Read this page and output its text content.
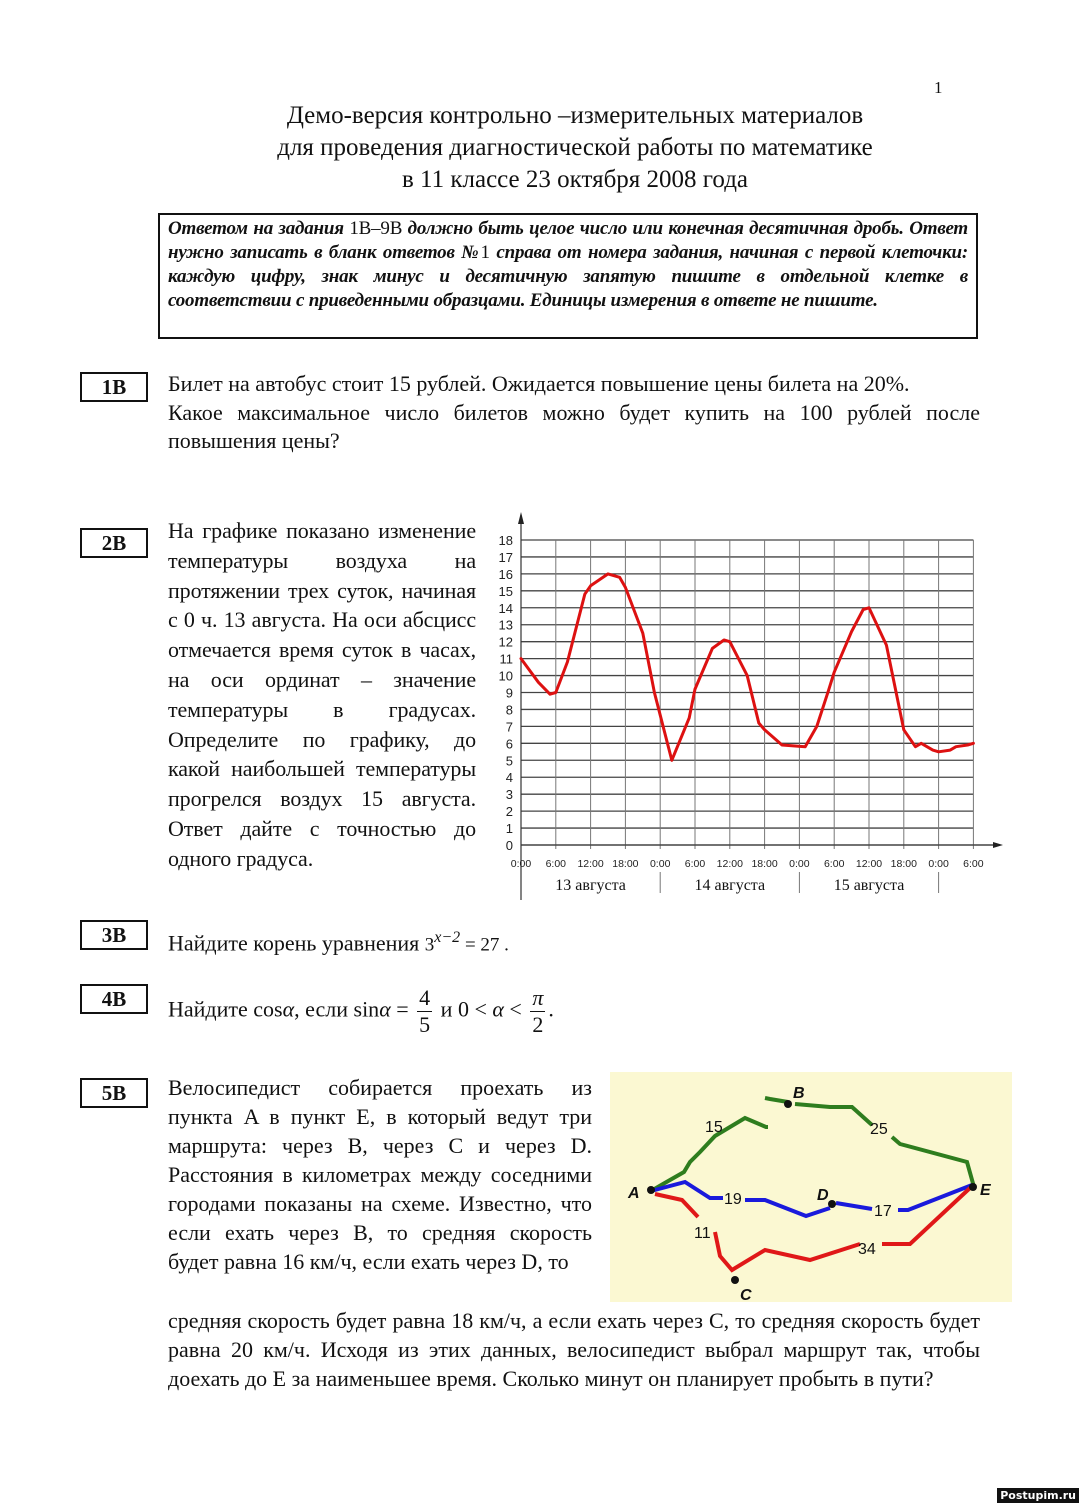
1
Демо-версия контрольно –измерительных материалов
для проведения диагностической работы по математике
в 11 классе 23 октября 2008 года
Ответом на задания 1B–9B должно быть целое число или конечная десятичная дробь. Ответ нужно записать в бланк ответов №1 справа от номера задания, начиная с первой клеточки: каждую цифру, знак минус и десятичную запятую пишите в отдельной клетке в соответствии с приведенными образцами. Единицы измерения в ответе не пишите.
1B	Билет на автобус стоит 15 рублей. Ожидается повышение цены билета на 20%.
Какое максимальное число билетов можно будет купить на 100 рублей после повышения цены?
2B	На графике показано изменение температуры воздуха на протяжении трех суток, начиная с 0 ч. 13 августа. На оси абсцисс отмечается время суток в часах, на оси ординат – значение температуры в градусах. Определите по графику, до какой наибольшей температуры прогрелся воздух 15 августа. Ответ дайте с точностью до одного градуса.
0
1
2
3
4
5
6
7
8
9
10
11
12
13
14
15
16
17
18
0:00 6:00 12:00 18:00 0:00 6:00 12:00 18:00 0:00 6:00 12:00 18:00 0:00 6:00
13 августа	14 августа	15 августа
3B	Найдите корень уравнения $3^{x-2} = 27$ .
4B	Найдите cosα, если $\sin\alpha = \frac{4}{5}$ и $0 < \alpha < \frac{\pi}{2}$ .
5B	Велосипедист собирается проехать из пункта A в пункт E, в который ведут три маршрута: через B, через C и через D. Расстояния в километрах между соседними городами показаны на схеме. Известно, что если ехать через B, то средняя скорость будет равна 16 км/ч, если ехать через D, то
средняя скорость будет равна 18 км/ч, а если ехать через C, то средняя скорость будет равна 20 км/ч. Исходя из этих данных, велосипедист выбрал маршрут так, чтобы доехать до E за наименьшее время. Сколько минут он планирует пробыть в пути?
A
B
C
D	E
15	25
19
17
11
34
Postupim.ru
